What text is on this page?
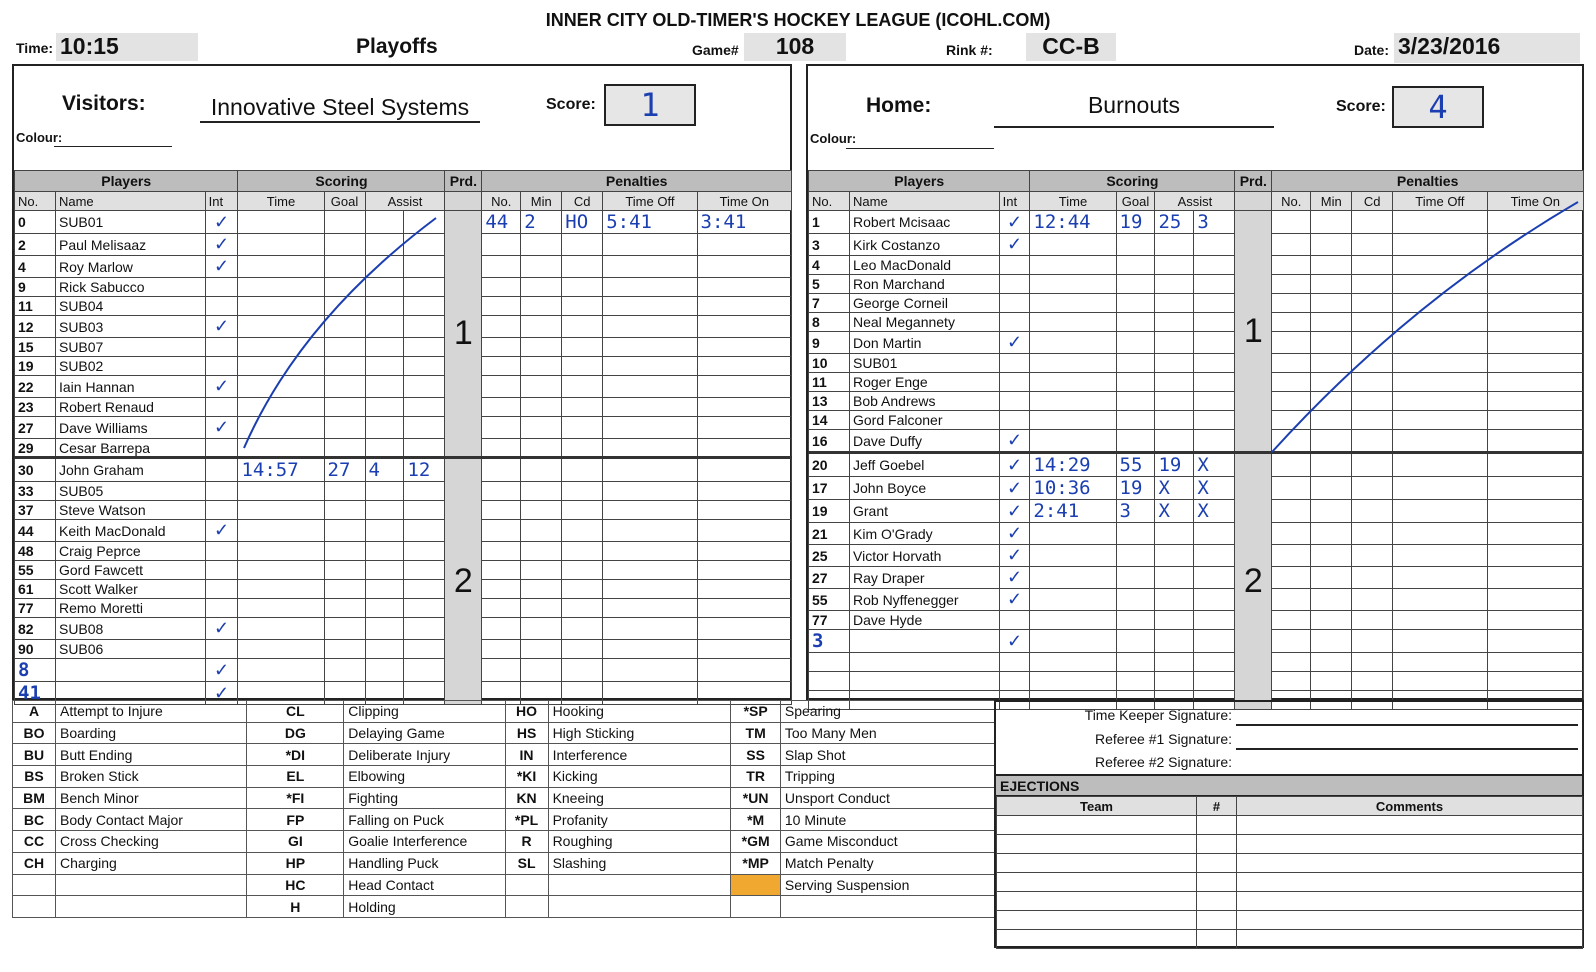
INNER CITY OLD-TIMER'S HOCKEY LEAGUE (ICOHL.COM)
Time: 10:15	Playoffs	Game#	108	Rink #:	CC-B	Date: 3/23/2016
Visitors:	Innovative Steel Systems	Score:	1
Colour:
Home:	Burnouts	Score:	4
Colour:
Players			Scoring				Prd.	Penalties				
No.	Name	Int	Time	Goal	Assist			No.	Min	Cd	Time Off	Time On
0	SUB01	✓					1	44	2	HO	5:41	3:41
2	Paul Melisaaz	✓										
4	Roy Marlow	✓										
9	Rick Sabucco											
11	SUB04											
12	SUB03	✓										
15	SUB07											
19	SUB02											
22	Iain Hannan	✓										
23	Robert Renaud											
27	Dave Williams	✓										
29	Cesar Barrepa											
30	John Graham		14:57	27	4	12	2					
33	SUB05											
37	Steve Watson											
44	Keith MacDonald	✓										
48	Craig Peprce											
55	Gord Fawcett											
61	Scott Walker											
77	Remo Moretti											
82	SUB08	✓										
90	SUB06											
8		✓										
41		✓										
Players			Scoring				Prd.	Penalties				
No.	Name	Int	Time	Goal	Assist			No.	Min	Cd	Time Off	Time On
1	Robert Mcisaac	✓	12:44	19	25	3	1					
3	Kirk Costanzo	✓										
4	Leo MacDonald											
5	Ron Marchand											
7	George Corneil											
8	Neal Megannety											
9	Don Martin	✓										
10	SUB01											
11	Roger Enge											
13	Bob Andrews											
14	Gord Falconer											
16	Dave Duffy	✓										
20	Jeff Goebel	✓	14:29	55	19	X	2					
17	John Boyce	✓	10:36	19	X	X						
19	Grant	✓	2:41	3	X	X						
21	Kim O'Grady	✓										
25	Victor Horvath	✓										
27	Ray Draper	✓										
55	Rob Nyffenegger	✓										
77	Dave Hyde											
3		✓										

A	Attempt to Injure	CL	Clipping	HO	Hooking	*SP	Spearing
BO	Boarding	DG	Delaying Game	HS	High Sticking	TM	Too Many Men
BU	Butt Ending	*DI	Deliberate Injury	IN	Interference	SS	Slap Shot
BS	Broken Stick	EL	Elbowing	*KI	Kicking	TR	Tripping
BM	Bench Minor	*FI	Fighting	KN	Kneeing	*UN	Unsport Conduct
BC	Body Contact Major	FP	Falling on Puck	*PL	Profanity	*M	10 Minute
CC	Cross Checking	GI	Goalie Interference	R	Roughing	*GM	Game Misconduct
CH	Charging	HP	Handling Puck	SL	Slashing	*MP	Match Penalty
		HC	Head Contact				Serving Suspension
		H	Holding				
Time Keeper Signature:
Referee #1 Signature:
Referee #2 Signature:
EJECTIONS
Team	#	Comments
